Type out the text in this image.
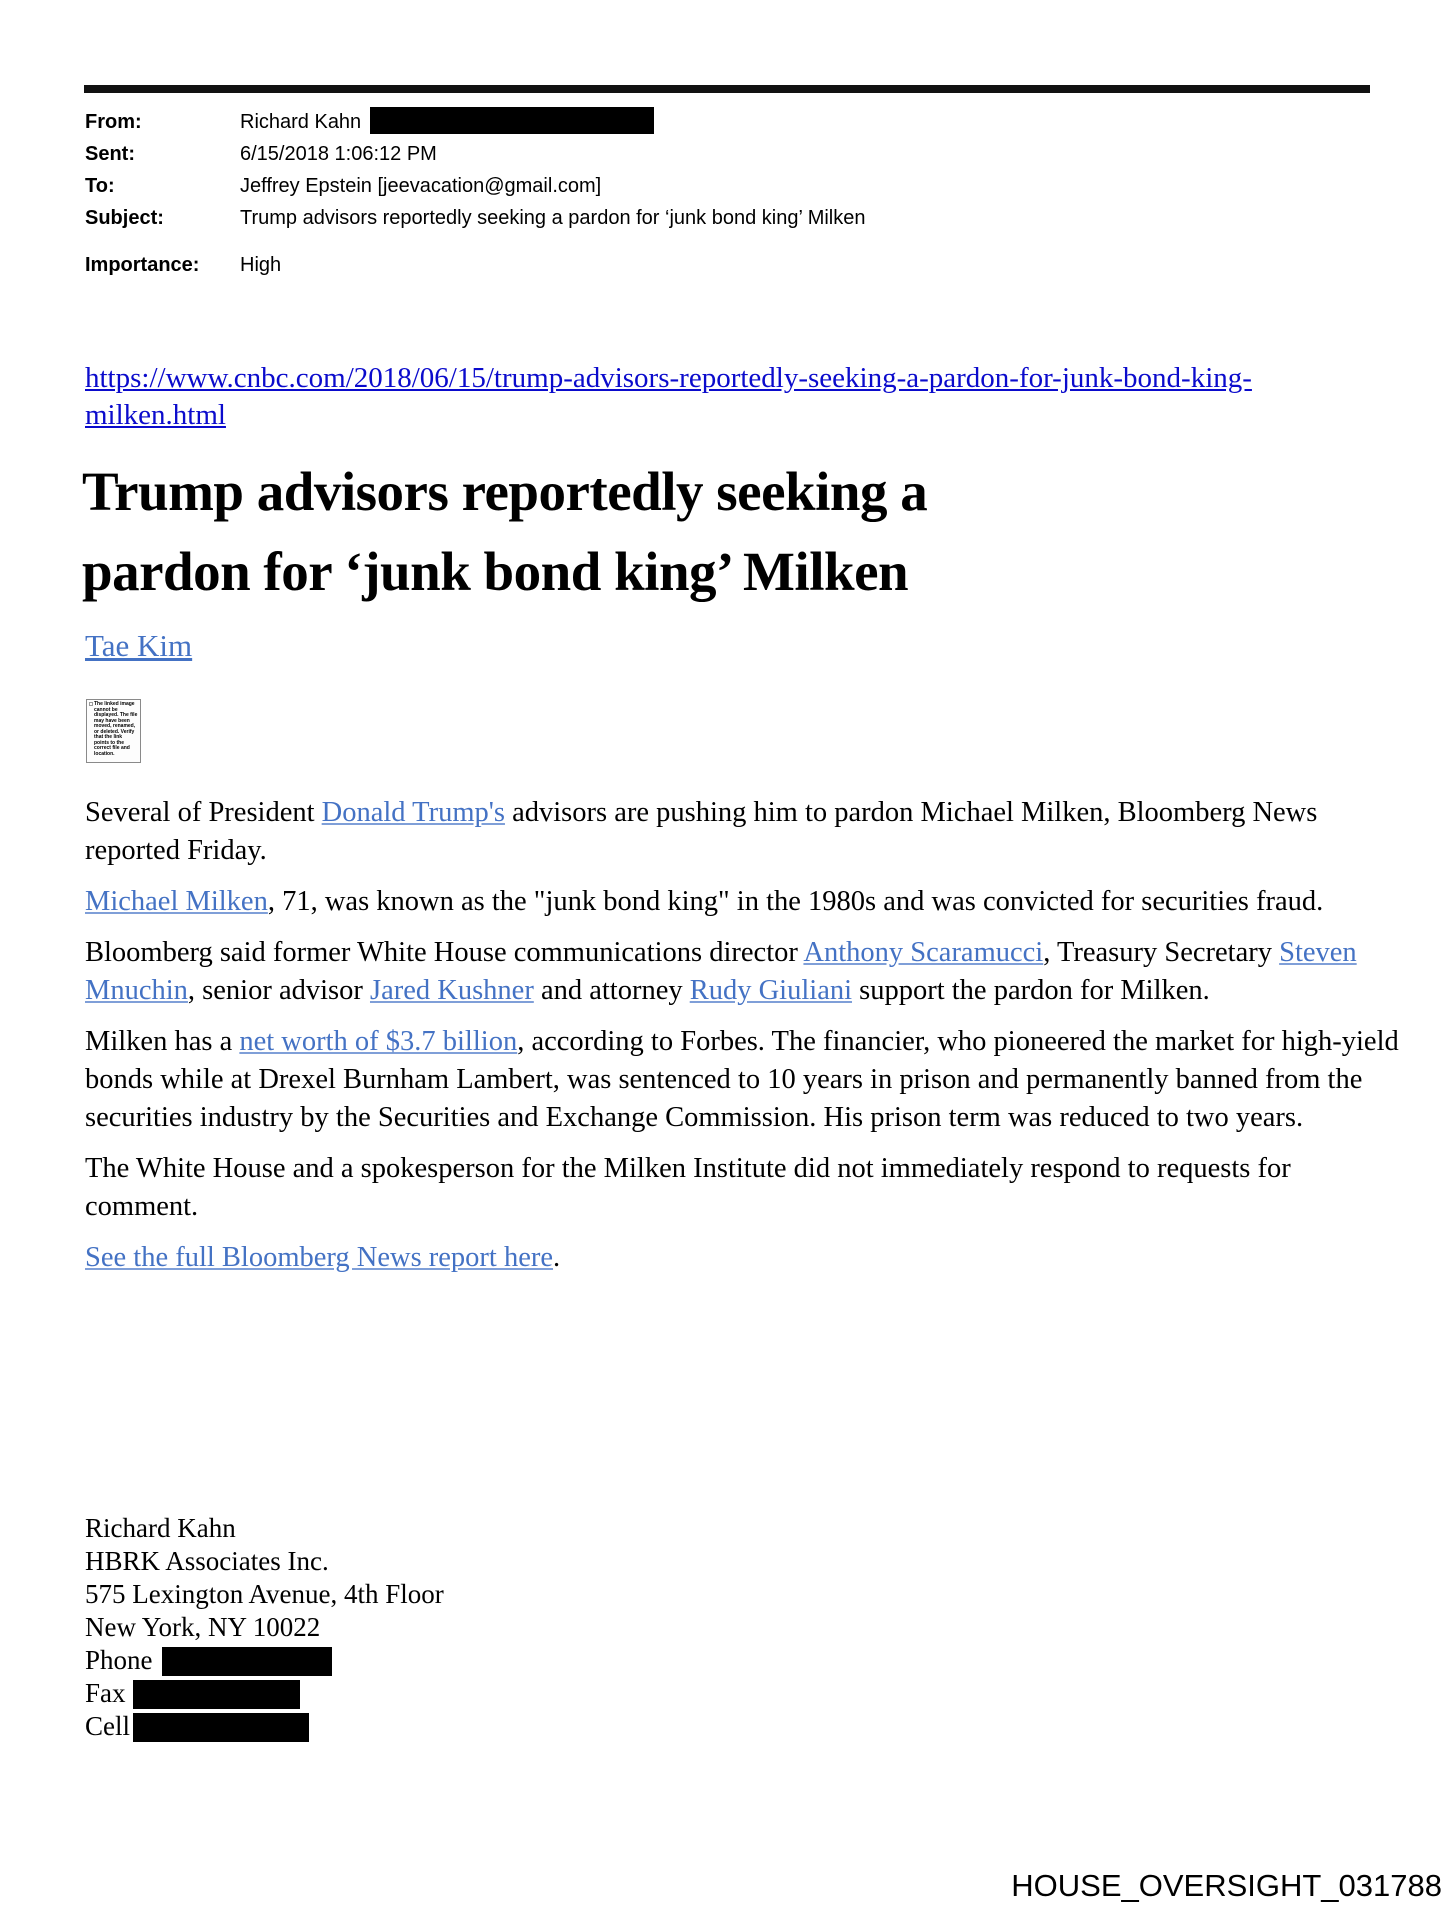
From:	Richard Kahn
Sent:	6/15/2018 1:06:12 PM
To:	Jeffrey Epstein [jeevacation@gmail.com]
Subject:	Trump advisors reportedly seeking a pardon for ‘junk bond king’ Milken
Importance:	High
https://www.cnbc.com/2018/06/15/trump-advisors-reportedly-seeking-a-pardon-for-junk-bond-king-
milken.html
Trump advisors reportedly seeking a
pardon for ‘junk bond king’ Milken
Tae Kim
The linked image cannot be displayed. The file may have been moved, renamed, or deleted. Verify that the link points to the correct file and location.

Several of President Donald Trump's advisors are pushing him to pardon Michael Milken, Bloomberg News reported Friday.

Michael Milken, 71, was known as the "junk bond king" in the 1980s and was convicted for securities fraud.

Bloomberg said former White House communications director Anthony Scaramucci, Treasury Secretary Steven Mnuchin, senior advisor Jared Kushner and attorney Rudy Giuliani support the pardon for Milken.

Milken has a net worth of $3.7 billion, according to Forbes. The financier, who pioneered the market for high-yield bonds while at Drexel Burnham Lambert, was sentenced to 10 years in prison and permanently banned from the securities industry by the Securities and Exchange Commission. His prison term was reduced to two years.

The White House and a spokesperson for the Milken Institute did not immediately respond to requests for comment.

See the full Bloomberg News report here.

Richard Kahn
HBRK Associates Inc.
575 Lexington Avenue, 4th Floor
New York, NY 10022
Phone
Fax
Cell
HOUSE_OVERSIGHT_031788
